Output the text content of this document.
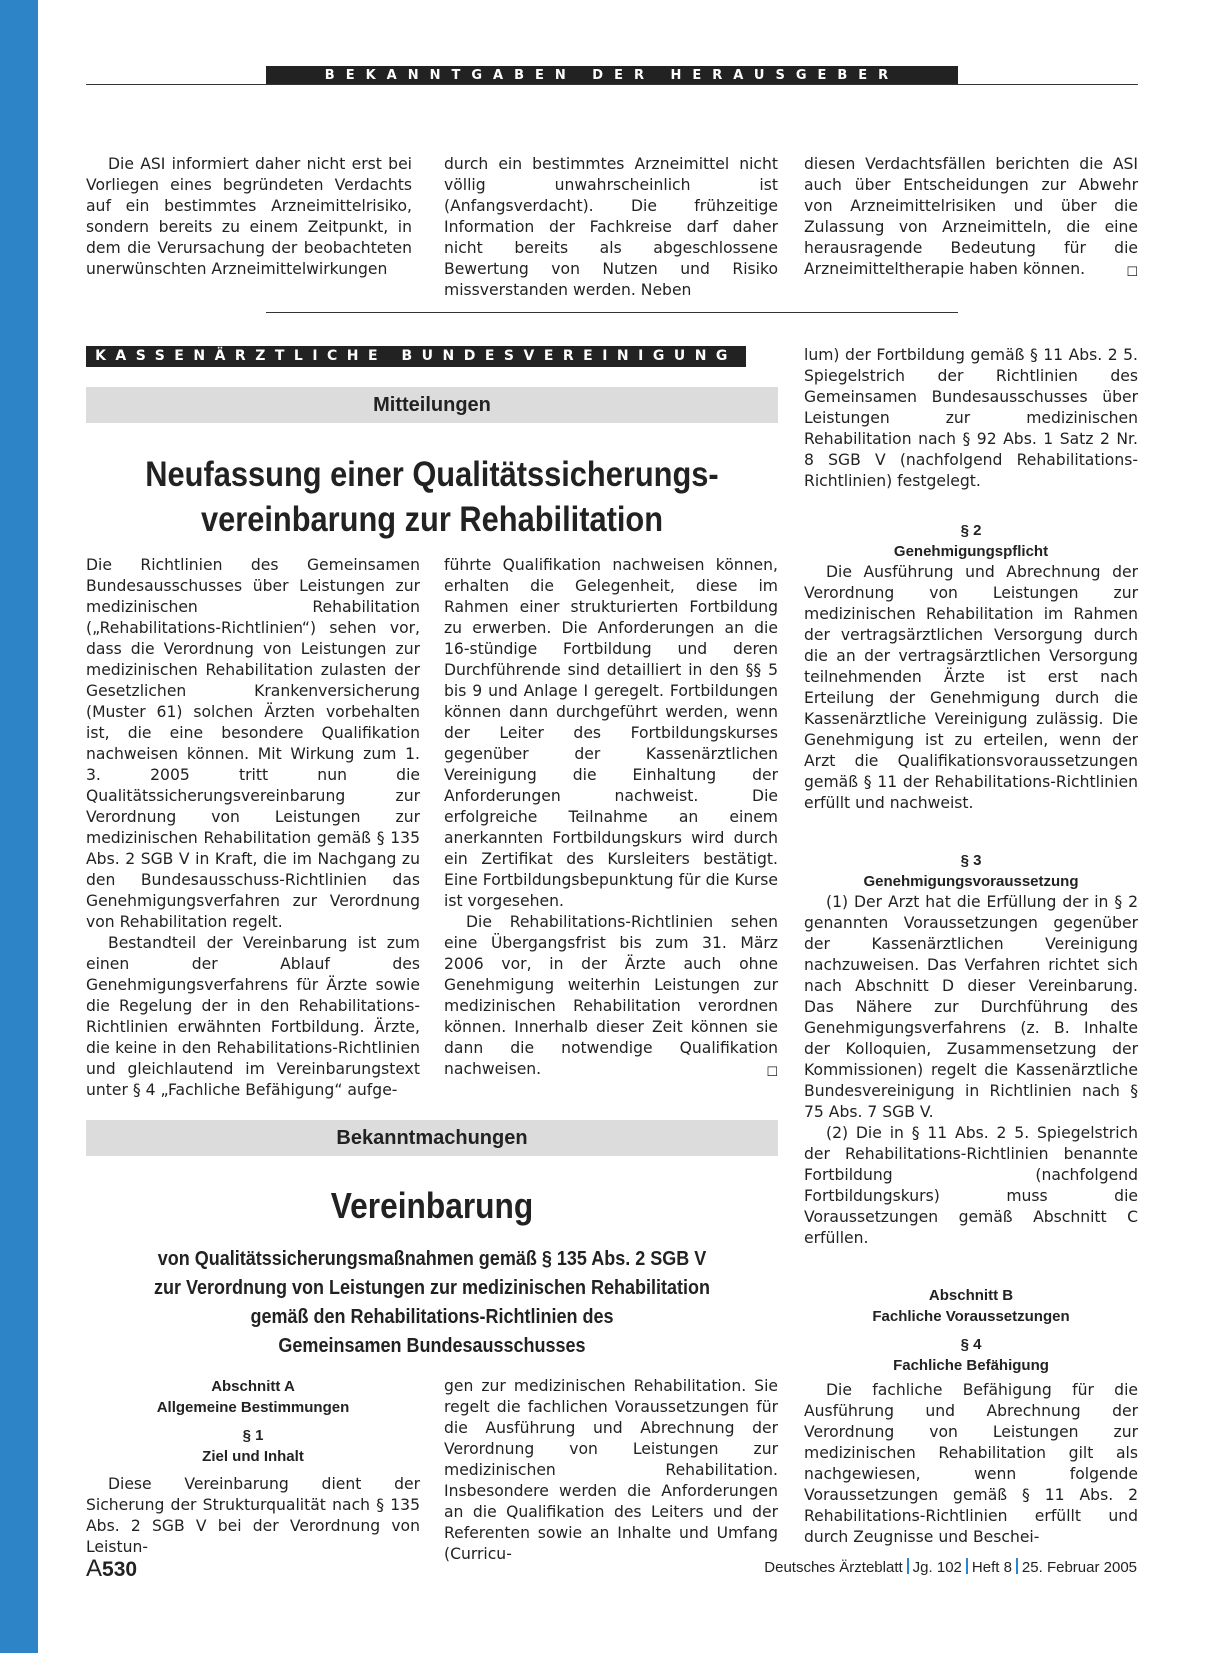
BEKANNTGABEN DER HERAUSGEBER

Die ASI informiert daher nicht erst bei Vorliegen eines begründeten Verdachts auf ein bestimmtes Arzneimittelrisiko, sondern bereits zu einem Zeitpunkt, in dem die Verursachung der beobachteten unerwünschten Arzneimittelwirkungen

durch ein bestimmtes Arzneimittel nicht völlig unwahrscheinlich ist (Anfangsverdacht). Die frühzeitige Information der Fachkreise darf daher nicht bereits als abgeschlossene Bewertung von Nutzen und Risiko missverstanden werden. Neben

diesen Verdachtsfällen berichten die ASI auch über Entscheidungen zur Abwehr von Arzneimittelrisiken und über die Zulassung von Arzneimitteln, die eine herausragende Bedeutung für die Arzneimitteltherapie haben können.	☐

KASSENÄRZTLICHE BUNDESVEREINIGUNG
Mitteilungen
Neufassung einer Qualitätssicherungs-
vereinbarung zur Rehabilitation

Die Richtlinien des Gemeinsamen Bundesausschusses über Leistungen zur medizinischen Rehabilitation („Rehabilitations-Richtlinien“) sehen vor, dass die Verordnung von Leistungen zur medizinischen Rehabilitation zulasten der Gesetzlichen Krankenversicherung (Muster 61) solchen Ärzten vorbehalten ist, die eine besondere Qualifikation nachweisen können. Mit Wirkung zum 1. 3. 2005 tritt nun die Qualitätssicherungsvereinbarung zur Verordnung von Leistungen zur medizinischen Rehabilitation gemäß § 135 Abs. 2 SGB V in Kraft, die im Nachgang zu den Bundesausschuss-Richtlinien das Genehmigungsverfahren zur Verordnung von Rehabilitation regelt.

Bestandteil der Vereinbarung ist zum einen der Ablauf des Genehmigungsverfahrens für Ärzte sowie die Regelung der in den Rehabilitations-Richtlinien erwähnten Fortbildung. Ärzte, die keine in den Rehabilitations-Richtlinien und gleichlautend im Vereinbarungstext unter § 4 „Fachliche Befähigung“ aufge-

führte Qualifikation nachweisen können, erhalten die Gelegenheit, diese im Rahmen einer strukturierten Fortbildung zu erwerben. Die Anforderungen an die 16-stündige Fortbildung und deren Durchführende sind detailliert in den §§ 5 bis 9 und Anlage I geregelt. Fortbildungen können dann durchgeführt werden, wenn der Leiter des Fortbildungskurses gegenüber der Kassenärztlichen Vereinigung die Einhaltung der Anforderungen nachweist. Die erfolgreiche Teilnahme an einem anerkannten Fortbildungskurs wird durch ein Zertifikat des Kursleiters bestätigt. Eine Fortbildungsbepunktung für die Kurse ist vorgesehen.

Die Rehabilitations-Richtlinien sehen eine Übergangsfrist bis zum 31. März 2006 vor, in der Ärzte auch ohne Genehmigung weiterhin Leistungen zur medizinischen Rehabilitation verordnen können. Innerhalb dieser Zeit können sie dann die notwendige Qualifikation nachweisen.	☐

Bekanntmachungen
Vereinbarung
von Qualitätssicherungsmaßnahmen gemäß § 135 Abs. 2 SGB V
zur Verordnung von Leistungen zur medizinischen Rehabilitation
gemäß den Rehabilitations-Richtlinien des
Gemeinsamen Bundesausschusses
Abschnitt A
Allgemeine Bestimmungen
§ 1
Ziel und Inhalt

Diese Vereinbarung dient der Sicherung der Strukturqualität nach § 135 Abs. 2 SGB V bei der Verordnung von Leistun-

gen zur medizinischen Rehabilitation. Sie regelt die fachlichen Voraussetzungen für die Ausführung und Abrechnung der Verordnung von Leistungen zur medizinischen Rehabilitation. Insbesondere werden die Anforderungen an die Qualifikation des Leiters und der Referenten sowie an Inhalte und Umfang (Curricu-

lum) der Fortbildung gemäß § 11 Abs. 2 5. Spiegelstrich der Richtlinien des Gemeinsamen Bundesausschusses über Leistungen zur medizinischen Rehabilitation nach § 92 Abs. 1 Satz 2 Nr. 8 SGB V (nachfolgend Rehabilitations-Richtlinien) festgelegt.

§ 2
Genehmigungspflicht

Die Ausführung und Abrechnung der Verordnung von Leistungen zur medizinischen Rehabilitation im Rahmen der vertragsärztlichen Versorgung durch die an der vertragsärztlichen Versorgung teilnehmenden Ärzte ist erst nach Erteilung der Genehmigung durch die Kassenärztliche Vereinigung zulässig. Die Genehmigung ist zu erteilen, wenn der Arzt die Qualifikationsvoraussetzungen gemäß § 11 der Rehabilitations-Richtlinien erfüllt und nachweist.

§ 3
Genehmigungsvoraussetzung

(1) Der Arzt hat die Erfüllung der in § 2 genannten Voraussetzungen gegenüber der Kassenärztlichen Vereinigung nachzuweisen. Das Verfahren richtet sich nach Abschnitt D dieser Vereinbarung. Das Nähere zur Durchführung des Genehmigungsverfahrens (z. B. Inhalte der Kolloquien, Zusammensetzung der Kommissionen) regelt die Kassenärztliche Bundesvereinigung in Richtlinien nach § 75 Abs. 7 SGB V.

(2) Die in § 11 Abs. 2 5. Spiegelstrich der Rehabilitations-Richtlinien benannte Fortbildung (nachfolgend Fortbildungskurs) muss die Voraussetzungen gemäß Abschnitt C erfüllen.

Abschnitt B
Fachliche Voraussetzungen
§ 4
Fachliche Befähigung

Die fachliche Befähigung für die Ausführung und Abrechnung der Verordnung von Leistungen zur medizinischen Rehabilitation gilt als nachgewiesen, wenn folgende Voraussetzungen gemäß § 11 Abs. 2 Rehabilitations-Richtlinien erfüllt und durch Zeugnisse und Beschei-

A530	Deutsches Ärzteblatt Jg. 102 Heft 8 25. Februar 2005
